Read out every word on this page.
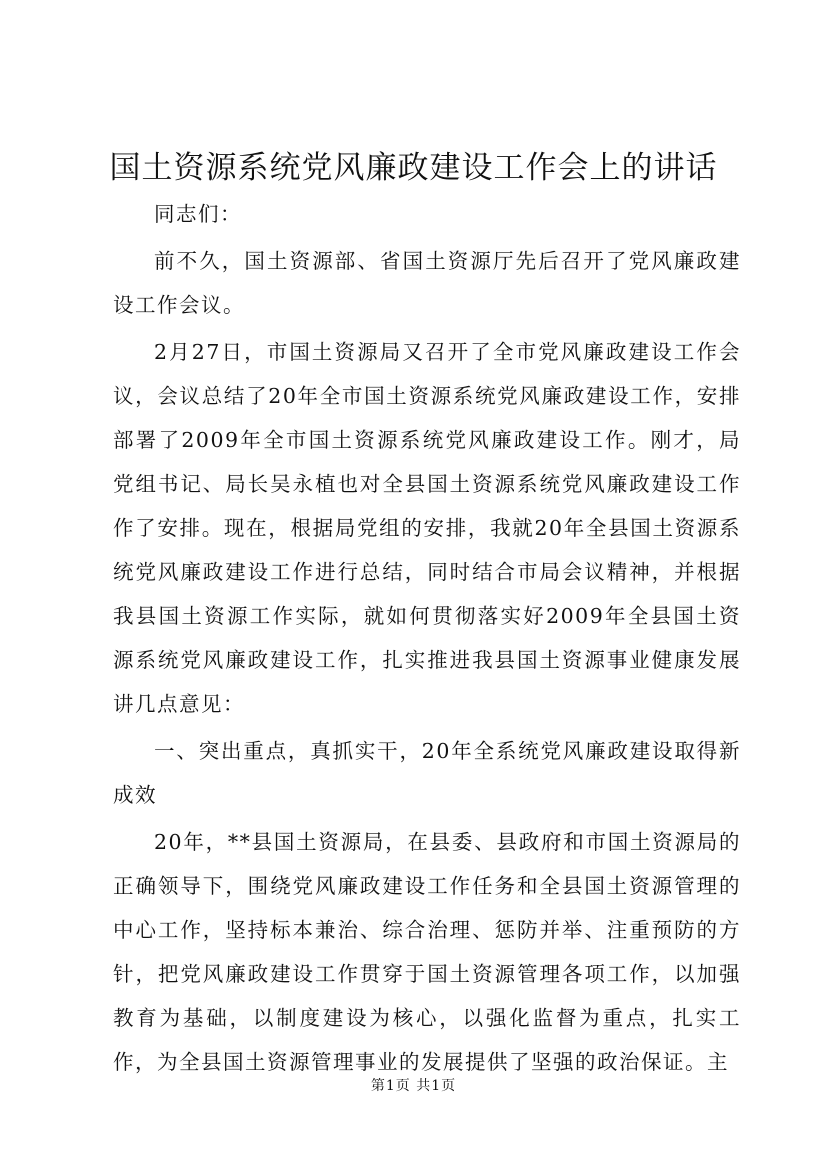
国土资源系统党风廉政建设工作会上的讲话

同志们：

前不久，国土资源部、省国土资源厅先后召开了党风廉政建设工作会议。

2月27日，市国土资源局又召开了全市党风廉政建设工作会议，会议总结了20年全市国土资源系统党风廉政建设工作，安排部署了2009年全市国土资源系统党风廉政建设工作。刚才，局党组书记、局长吴永植也对全县国土资源系统党风廉政建设工作作了安排。现在，根据局党组的安排，我就20年全县国土资源系统党风廉政建设工作进行总结，同时结合市局会议精神，并根据我县国土资源工作实际，就如何贯彻落实好2009年全县国土资源系统党风廉政建设工作，扎实推进我县国土资源事业健康发展讲几点意见：

一、突出重点，真抓实干，20年全系统党风廉政建设取得新成效

20年，**县国土资源局，在县委、县政府和市国土资源局的正确领导下，围绕党风廉政建设工作任务和全县国土资源管理的中心工作，坚持标本兼治、综合治理、惩防并举、注重预防的方针，把党风廉政建设工作贯穿于国土资源管理各项工作，以加强教育为基础，以制度建设为核心，以强化监督为重点，扎实工作，为全县国土资源管理事业的发展提供了坚强的政治保证。主

第1页 共1页
